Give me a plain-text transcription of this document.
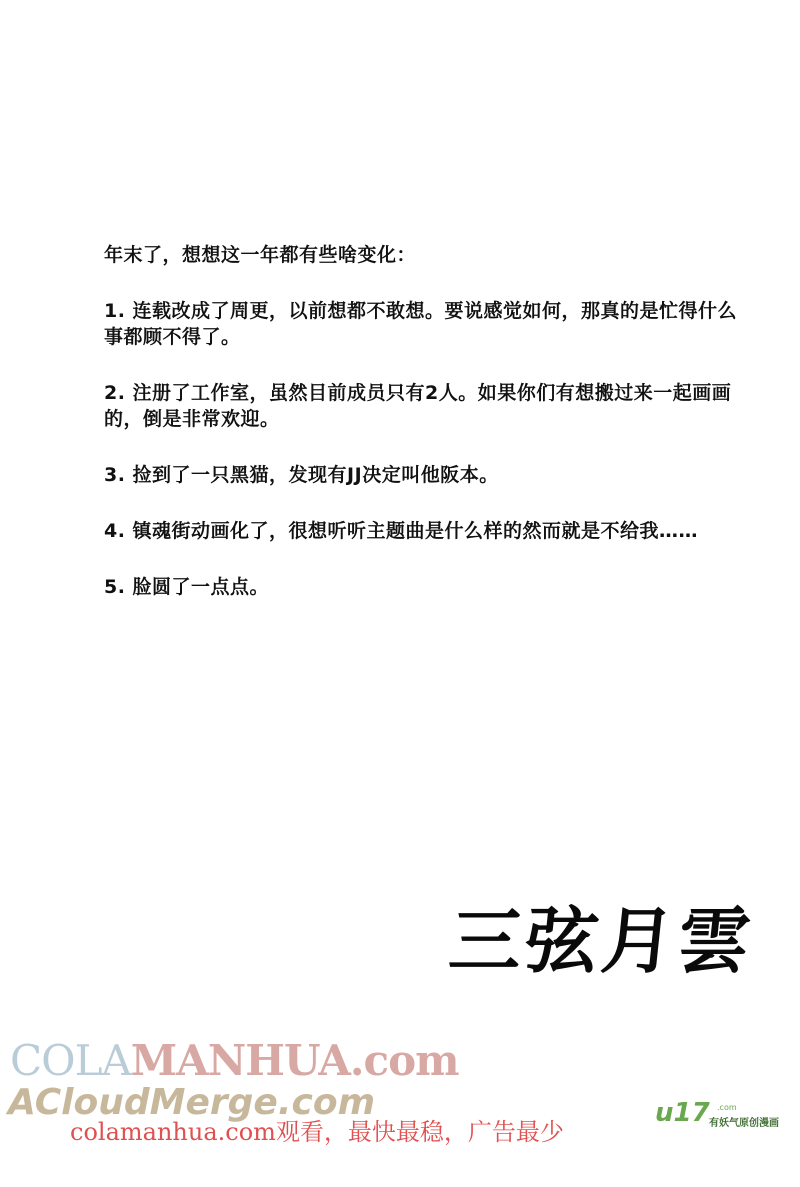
年末了，想想这一年都有些啥变化：

1. 连载改成了周更，以前想都不敢想。要说感觉如何，那真的是忙得什么事都顾不得了。

2. 注册了工作室，虽然目前成员只有2人。如果你们有想搬过来一起画画的，倒是非常欢迎。

3. 捡到了一只黑猫，发现有JJ决定叫他阪本。

4. 镇魂街动画化了，很想听听主题曲是什么样的然而就是不给我……

5. 脸圆了一点点。

三弦月雲
COLAMANHUA.com
ACloudMerge.com
colamanhua.com观看，最快最稳，广告最少
u17 .com
有妖气原创漫画
